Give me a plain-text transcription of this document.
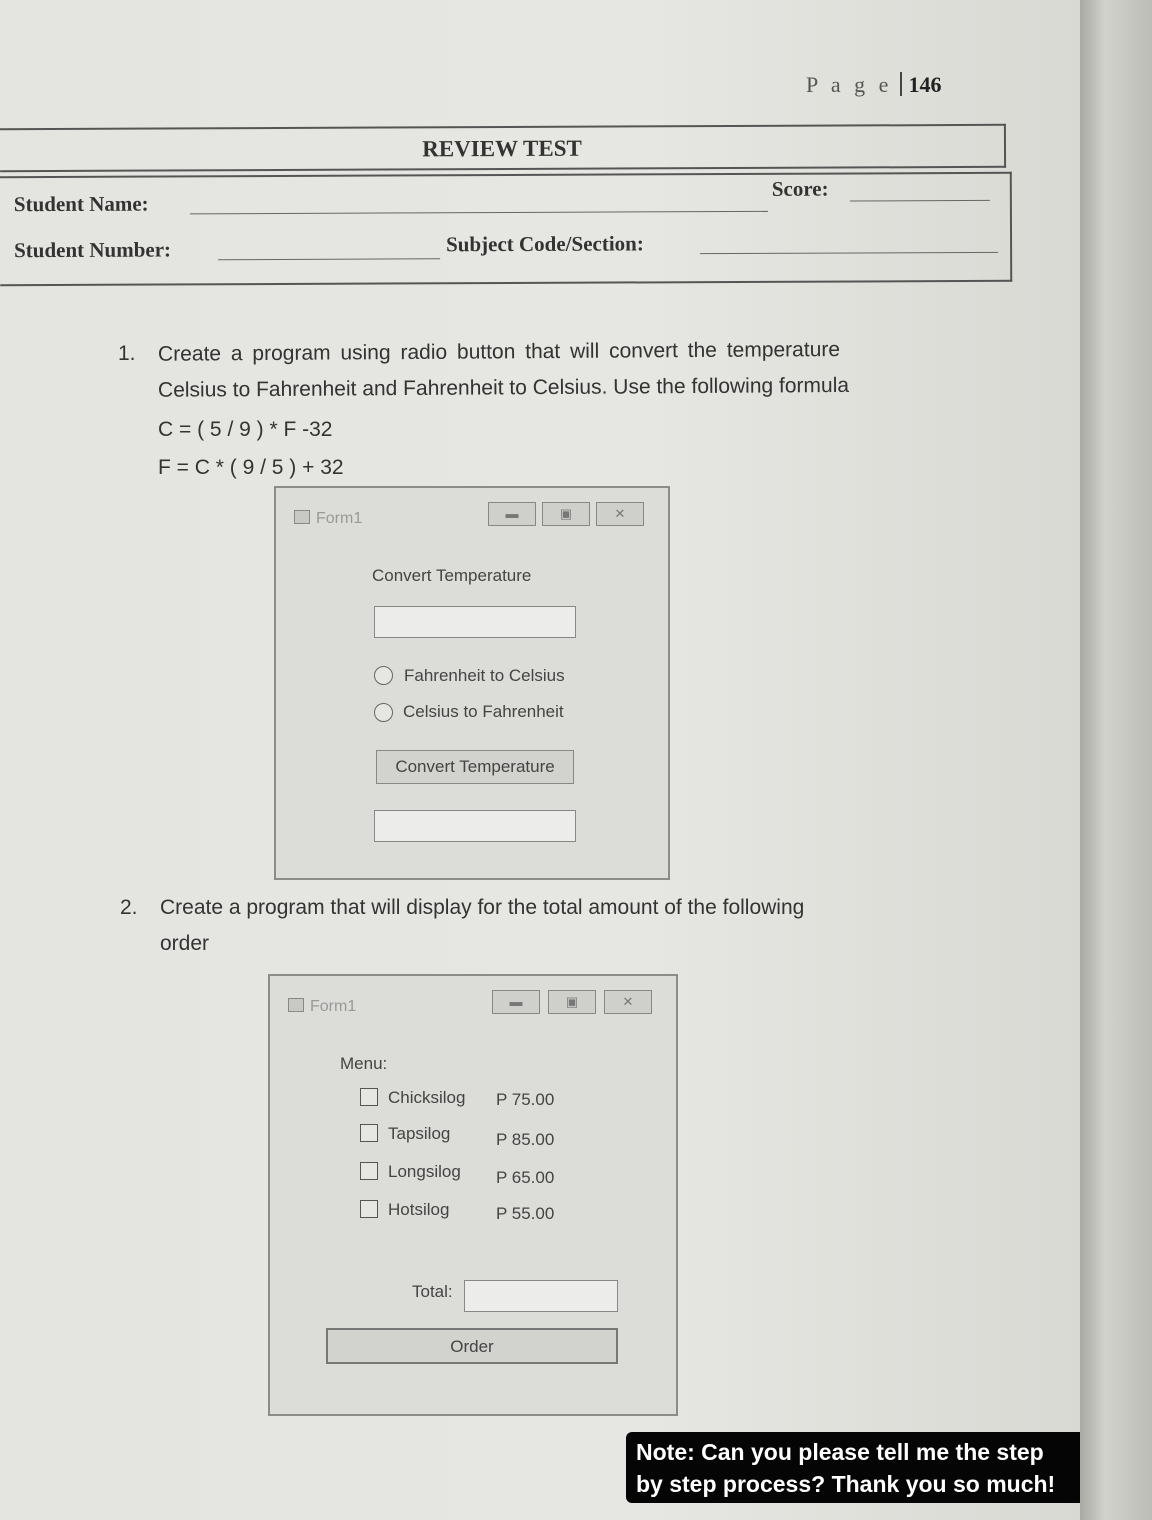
P a g e 146
REVIEW TEST
Student Name:
Score:
Student Number:	Subject Code/Section:
1. Create a program using radio button that will convert the temperature
Celsius to Fahrenheit and Fahrenheit to Celsius. Use the following formula
C = ( 5 / 9 ) * F -32
F = C * ( 9 / 5 ) + 32
Form1	▬	▣	✕
Convert Temperature
Fahrenheit to Celsius
Celsius to Fahrenheit
Convert Temperature
2. Create a program that will display for the total amount of the following
order
Form1	▬	▣	✕
Menu:
Chicksilog P 75.00
Tapsilog	P 85.00
Longsilog P 65.00
Hotsilog	P 55.00
Total:
Order
Note: Can you please tell me the step
by step process? Thank you so much!
